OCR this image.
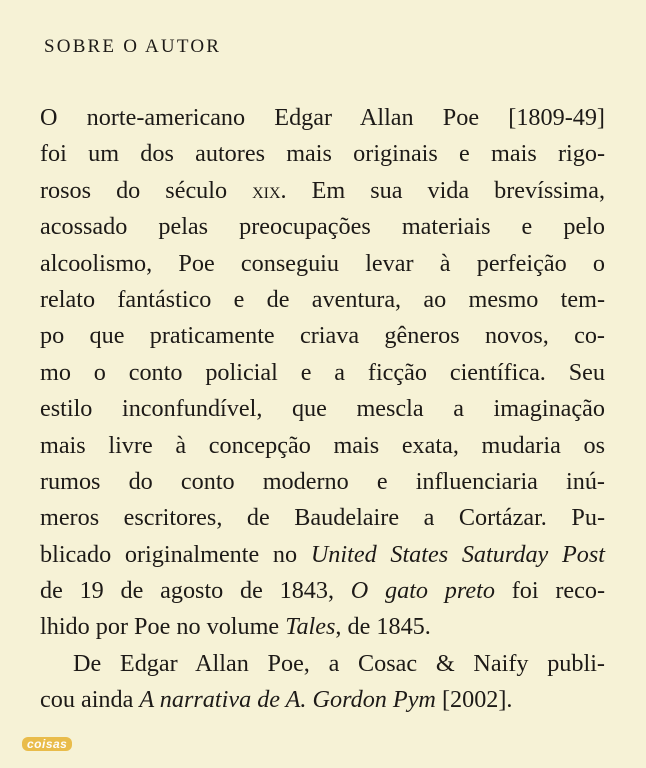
SOBRE O AUTOR
O norte-americano Edgar Allan Poe [1809-49]
foi um dos autores mais originais e mais rigo-
rosos do século xix. Em sua vida brevíssima,
acossado pelas preocupações materiais e pelo
alcoolismo, Poe conseguiu levar à perfeição o
relato fantástico e de aventura, ao mesmo tem-
po que praticamente criava gêneros novos, co-
mo o conto policial e a ficção científica. Seu
estilo inconfundível, que mescla a imaginação
mais livre à concepção mais exata, mudaria os
rumos do conto moderno e influenciaria inú-
meros escritores, de Baudelaire a Cortázar. Pu-
blicado originalmente no United States Saturday Post
de 19 de agosto de 1843, O gato preto foi reco-
lhido por Poe no volume Tales, de 1845.
De Edgar Allan Poe, a Cosac & Naify publi-
cou ainda A narrativa de A. Gordon Pym [2002].
coisas
